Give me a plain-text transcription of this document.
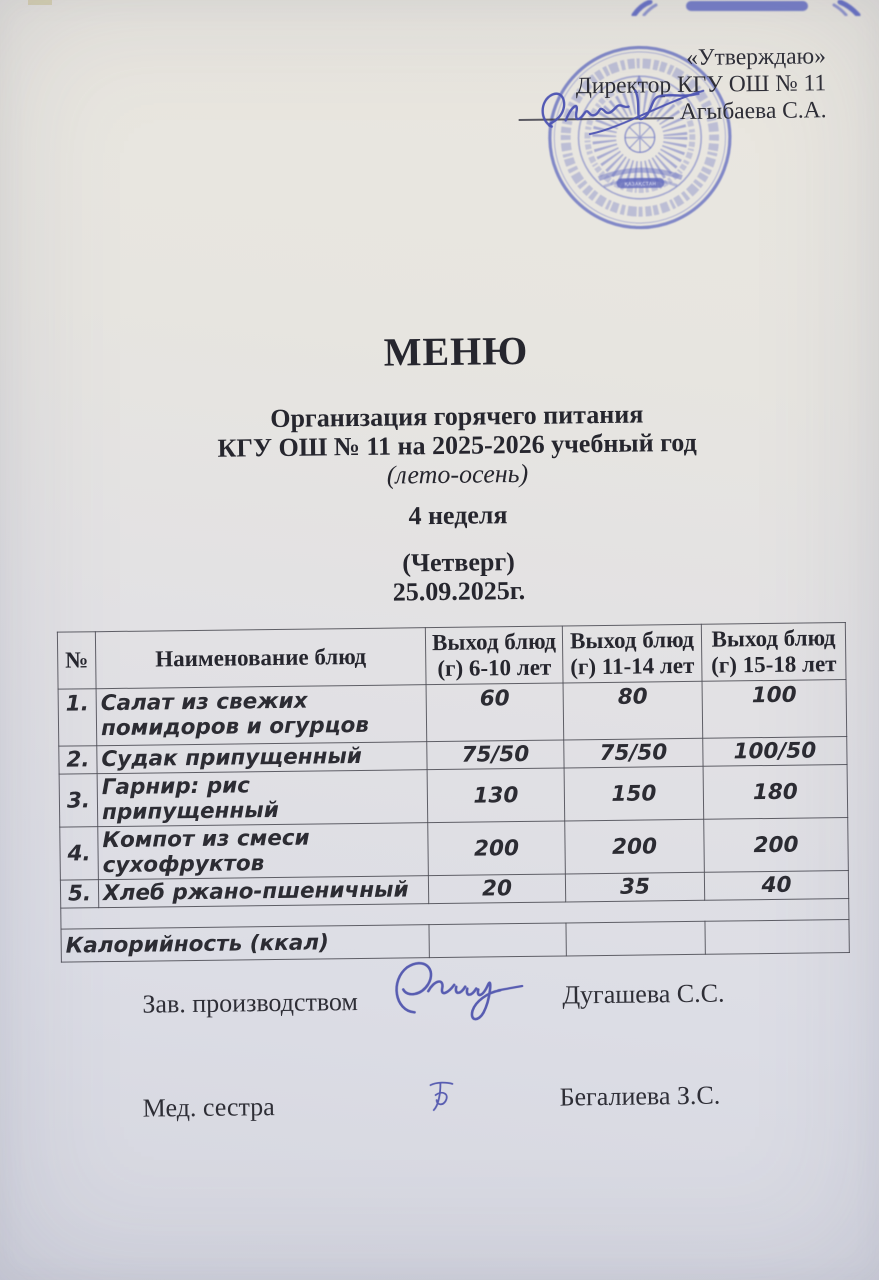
ҚАЗАҚСТАН
«Утверждаю»
Директор КГУ ОШ № 11
Агыбаева С.А.
МЕНЮ
Организация горячего питания
КГУ ОШ № 11 на 2025-2026 учебный год
(лето-осень)
4 неделя
(Четверг)
25.09.2025г.
№	Наименование блюд	Выход блюд (г) 6-10 лет	Выход блюд (г) 11-14 лет	Выход блюд (г) 15-18 лет
1.	Салат из свежих помидоров и огурцов	60	80	100
2.	Судак припущенный	75/50	75/50	100/50
3.	Гарнир: рис припущенный	130	150	180
4.	Компот из смеси сухофруктов	200	200	200
5.	Хлеб ржано-пшеничный	20	35	40

Калорийность (ккал)				
Зав. производством	Дугашева С.С.
Мед. сестра	Бегалиева З.С.
